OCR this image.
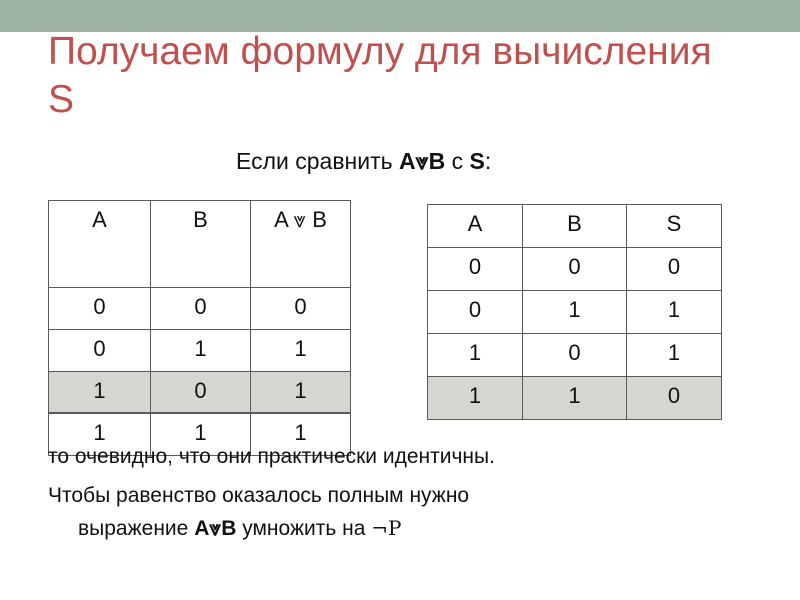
Получаем формулу для вычисления
S
Если сравнить A⩔B с S:
A	B	A ⩔ B

0	0	0

0	1	1

1	0	1

1	1	1
A	B	S

0	0	0

0	1	1

1	0	1

1	1	0
то очевидно, что они практически идентичны.
Чтобы равенство оказалось полным нужно
выражение A⩔B умножить на ¬P
